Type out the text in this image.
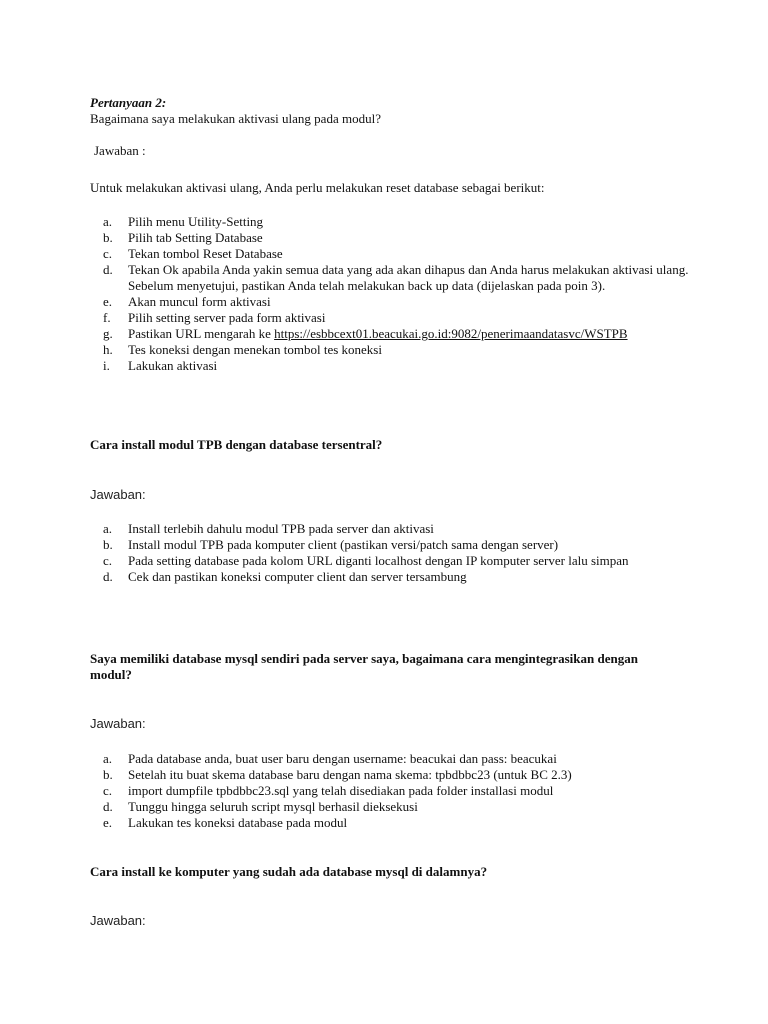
Pertanyaan 2:

Bagaimana saya melakukan aktivasi ulang pada modul?

Jawaban :

Untuk melakukan aktivasi ulang, Anda perlu melakukan reset database sebagai berikut:

a. Pilih menu Utility-Setting
b. Pilih tab Setting Database
c. Tekan tombol Reset Database
d. Tekan Ok apabila Anda yakin semua data yang ada akan dihapus dan Anda harus melakukan aktivasi ulang. Sebelum menyetujui, pastikan Anda telah melakukan back up data (dijelaskan pada poin 3).
e. Akan muncul form aktivasi
f. Pilih setting server pada form aktivasi
g. Pastikan URL mengarah ke https://esbbcext01.beacukai.go.id:9082/penerimaandatasvc/WSTPB
h. Tes koneksi dengan menekan tombol tes koneksi
i. Lakukan aktivasi

Cara install modul TPB dengan database tersentral?

Jawaban:

a. Install terlebih dahulu modul TPB pada server dan aktivasi
b. Install modul TPB pada komputer client (pastikan versi/patch sama dengan server)
c. Pada setting database pada kolom URL diganti localhost dengan IP komputer server lalu simpan
d. Cek dan pastikan koneksi computer client dan server tersambung

Saya memiliki database mysql sendiri pada server saya, bagaimana cara mengintegrasikan dengan modul?

Jawaban:

a. Pada database anda, buat user baru dengan username: beacukai dan pass: beacukai
b. Setelah itu buat skema database baru dengan nama skema: tpbdbbc23 (untuk BC 2.3)
c. import dumpfile tpbdbbc23.sql yang telah disediakan pada folder installasi modul
d. Tunggu hingga seluruh script mysql berhasil dieksekusi
e. Lakukan tes koneksi database pada modul

Cara install ke komputer yang sudah ada database mysql di dalamnya?

Jawaban:
